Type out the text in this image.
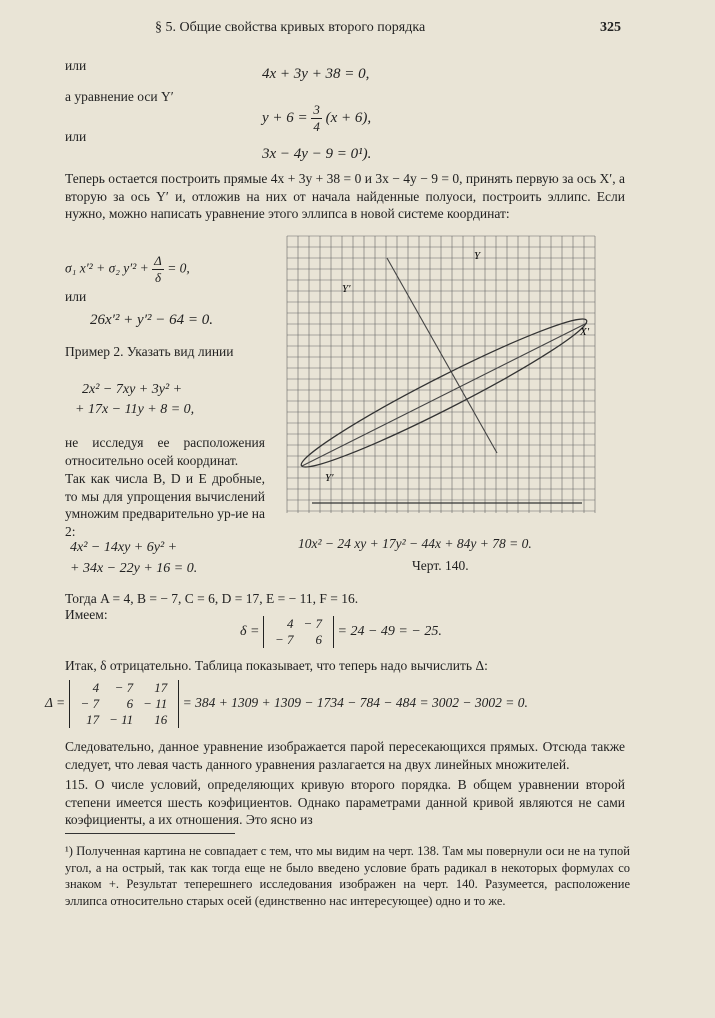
§ 5. Общие свойства кривых второго порядка	325
или
4x + 3y + 38 = 0,
а уравнение оси Y′
$y + 6 = \frac{3}{4} (x + 6)$,
или
3x − 4y − 9 = 0¹).
Теперь остается построить прямые 4x + 3y + 38 = 0 и 3x − 4y − 9 = 0, принять первую за ось X′, а вторую за ось Y′ и, отложив на них от начала найденные полуоси, построить эллипс. Если нужно, можно написать уравнение этого эллипса в новой системе координат:
σ₁ x′² + σ₂ $y'^2 + \frac{\Delta}{\delta} = 0$,
или
26x′² + y′² − 64 = 0.
Пример 2. Указать вид линии
2x² − 7xy + 3y² +
+ 17x − 11y + 8 = 0,
не исследуя ее расположения относительно осей координат.
Так как числа B, D и E дробные, то мы для упрощения вычислений умножим предварительно ур-ие на 2:
4x² − 14xy + 6y² +
+ 34x − 22y + 16 = 0.
Y
Y′
X′
Y′
10x² − 24 xy + 17y² − 44x + 84y + 78 = 0.
Черт. 140.
Тогда A = 4, B = − 7, C = 6, D = 17, E = − 11, F = 16.
Имеем:
δ =
4	− 7
− 7	6
= 24 − 49 = − 25.
Итак, δ отрицательно. Таблица показывает, что теперь надо вычислить Δ:
Δ =
4	− 7	17
− 7	6	− 11
17	− 11	16
= 384 + 1309 + 1309 − 1734 − 784 − 484 = 3002 − 3002 = 0.
Следовательно, данное уравнение изображается парой пересекающихся прямых. Отсюда также следует, что левая часть данного уравнения разлагается на двух линейных множителей.
115. О числе условий, определяющих кривую второго порядка. В общем уравнении второй степени имеется шесть коэфициентов. Однако параметрами данной кривой являются не сами коэфициенты, а их отношения. Это ясно из
¹) Полученная картина не совпадает с тем, что мы видим на черт. 138. Там мы повернули оси не на тупой угол, а на острый, так как тогда еще не было введено условие брать радикал в некоторых формулах со знаком +. Результат теперешнего исследования изображен на черт. 140. Разумеется, расположение эллипса относительно старых осей (единственно нас интересующее) одно и то же.
